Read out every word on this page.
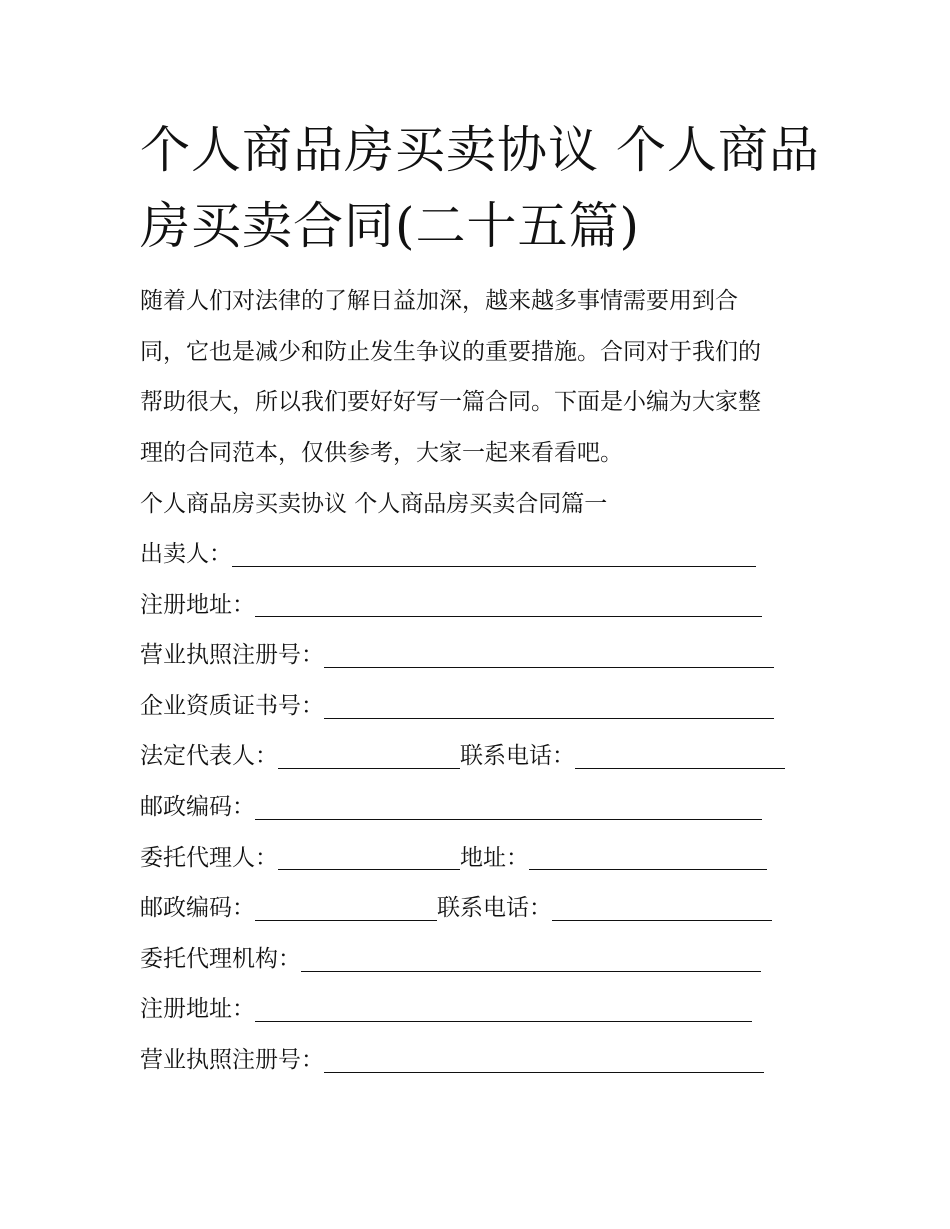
个人商品房买卖协议 个人商品
房买卖合同(二十五篇)
随着人们对法律的了解日益加深，越来越多事情需要用到合
同，它也是减少和防止发生争议的重要措施。合同对于我们的
帮助很大，所以我们要好好写一篇合同。下面是小编为大家整
理的合同范本，仅供参考，大家一起来看看吧。
个人商品房买卖协议 个人商品房买卖合同篇一
出卖人：
注册地址：
营业执照注册号：
企业资质证书号：
法定代表人：	联系电话：
邮政编码：
委托代理人：	地址：
邮政编码：	联系电话：
委托代理机构：
注册地址：
营业执照注册号：
